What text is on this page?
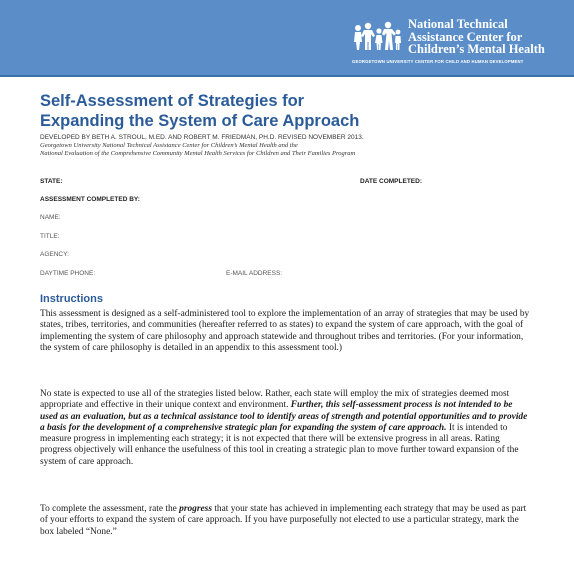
National Technical
Assistance Center for
Children’s Mental Health
GEORGETOWN UNIVERSITY CENTER FOR CHILD AND HUMAN DEVELOPMENT
Self-Assessment of Strategies for
Expanding the System of Care Approach
DEVELOPED BY BETH A. STROUL, M.ED. AND ROBERT M. FRIEDMAN, PH.D. REVISED NOVEMBER 2013.
Georgetown University National Technical Assistance Center for Children’s Mental Health and the
National Evaluation of the Comprehensive Community Mental Health Services for Children and Their Families Program
STATE:	DATE COMPLETED:
ASSESSMENT COMPLETED BY:
NAME:
TITLE:
AGENCY:
DAYTIME PHONE:	E-MAIL ADDRESS:
Instructions
This assessment is designed as a self-administered tool to explore the implementation of an array of strategies that may be used by states, tribes, territories, and communities (hereafter referred to as states) to expand the system of care approach, with the goal of implementing the system of care philosophy and approach statewide and throughout tribes and territories. (For your information, the system of care philosophy is detailed in an appendix to this assessment tool.)
No state is expected to use all of the strategies listed below. Rather, each state will employ the mix of strategies deemed most appropriate and effective in their unique context and environment. Further, this self-assessment process is not intended to be used as an evaluation, but as a technical assistance tool to identify areas of strength and potential opportunities and to provide a basis for the development of a comprehensive strategic plan for expanding the system of care approach. It is intended to measure progress in implementing each strategy; it is not expected that there will be extensive progress in all areas. Rating progress objectively will enhance the usefulness of this tool in creating a strategic plan to move further toward expansion of the system of care approach.
To complete the assessment, rate the progress that your state has achieved in implementing each strategy that may be used as part of your efforts to expand the system of care approach. If you have purposefully not elected to use a particular strategy, mark the box labeled “None.”
